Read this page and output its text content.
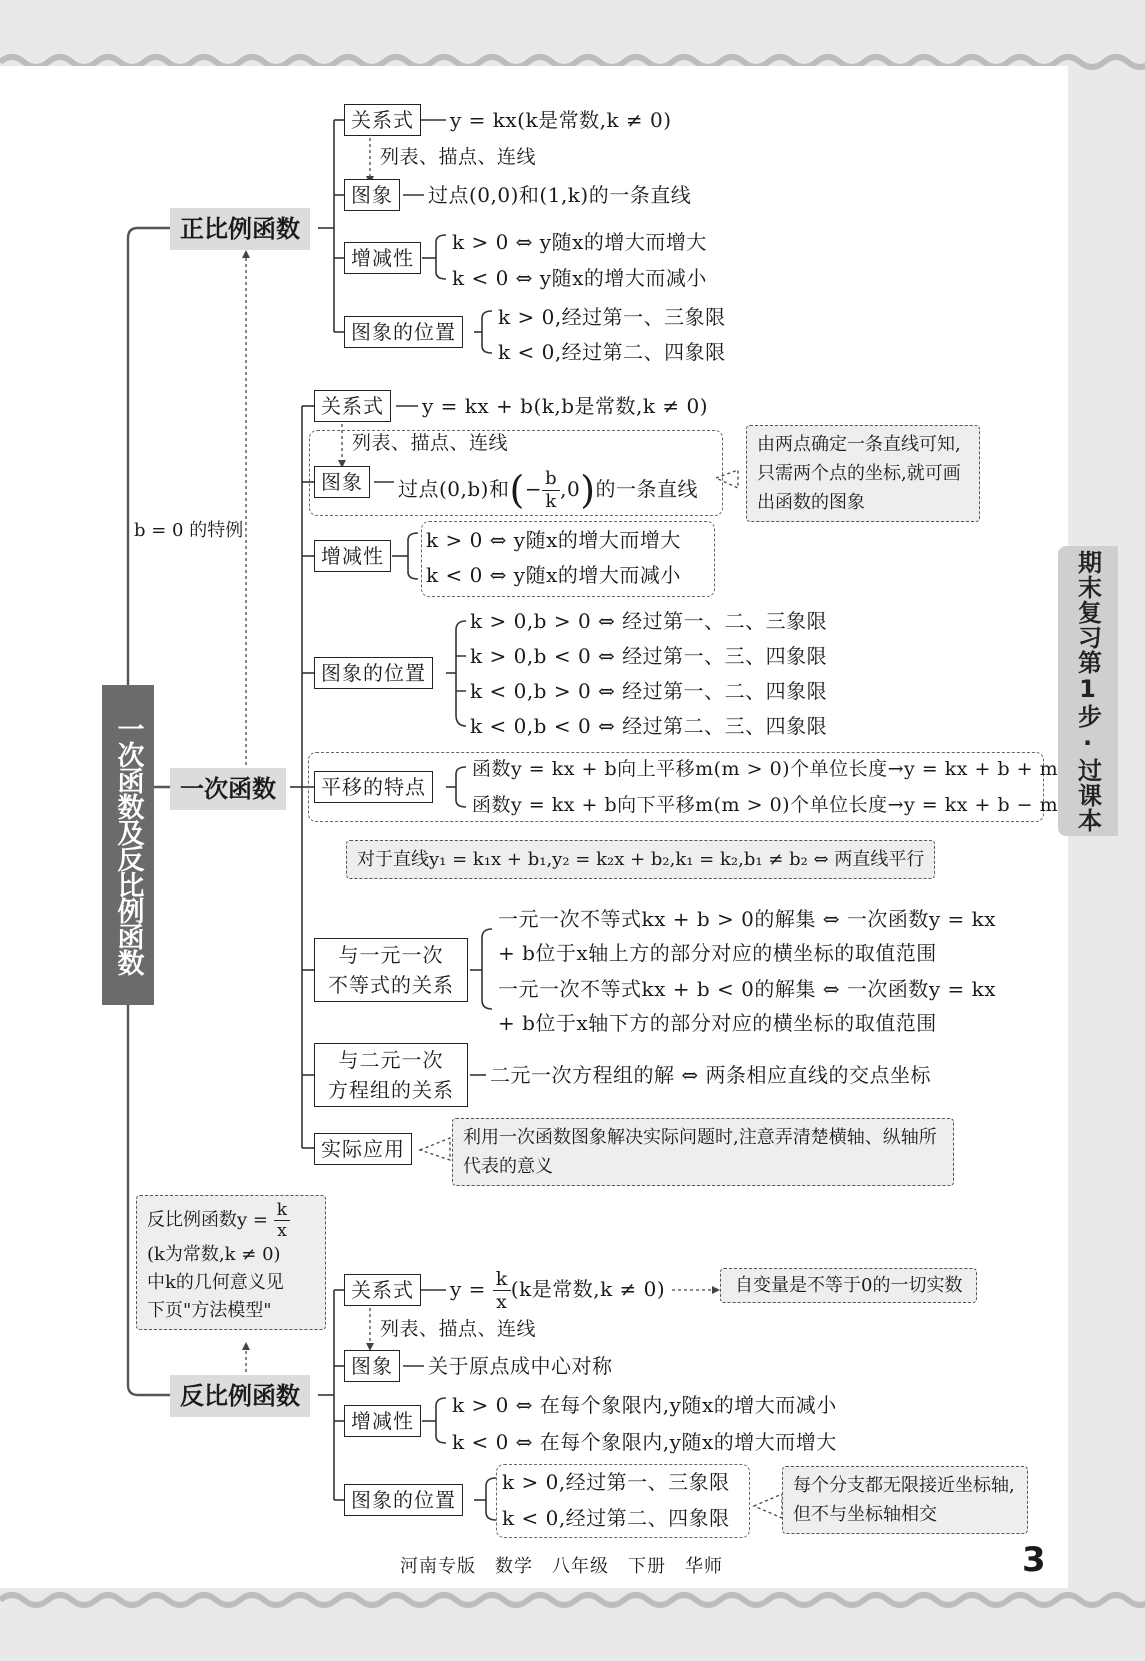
一次函数及反比例函数
期末复习第1步·过课本
b = 0 的特例
正比例函数
关系式	y = kx(k是常数,k ≠ 0)
列表、描点、连线
图象	过点(0,0)和(1,k)的一条直线
增减性
k > 0 ⇔ y随x的增大而增大
k < 0 ⇔ y随x的增大而减小
图象的位置
k > 0,经过第一、三象限
k < 0,经过第二、四象限
一次函数
关系式	y = kx + b(k,b是常数,k ≠ 0)
列表、描点、连线
图象	过点(0,b)和(− $\frac{b}{k} ,0$)的一条直线
由两点确定一条直线可知,只需两个点的坐标,就可画出函数的图象
增减性
k > 0 ⇔ y随x的增大而增大
k < 0 ⇔ y随x的增大而减小
图象的位置
k > 0,b > 0 ⇔ 经过第一、二、三象限
k > 0,b < 0 ⇔ 经过第一、三、四象限
k < 0,b > 0 ⇔ 经过第一、二、四象限
k < 0,b < 0 ⇔ 经过第二、三、四象限
平移的特点
函数y = kx + b向上平移m(m > 0)个单位长度→y = kx + b + m
函数y = kx + b向下平移m(m > 0)个单位长度→y = kx + b − m
对于直线y₁ = k₁x + b₁,y₂ = k₂x + b₂,k₁ = k₂,b₁ ≠ b₂ ⇔ 两直线平行
与一元一次
不等式的关系
一元一次不等式kx + b > 0的解集 ⇔ 一次函数y = kx
+ b位于x轴上方的部分对应的横坐标的取值范围
一元一次不等式kx + b < 0的解集 ⇔ 一次函数y = kx
+ b位于x轴下方的部分对应的横坐标的取值范围
与二元一次
方程组的关系
二元一次方程组的解 ⇔ 两条相应直线的交点坐标
实际应用	利用一次函数图象解决实际问题时,注意弄清楚横轴、纵轴所代表的意义
反比例函数$y = \frac{k}{x}$
(k为常数,k ≠ 0)
中k的几何意义见
下页"方法模型"
反比例函数
关系式	$y = \frac{k}{x} (k$是常数,k ≠ 0)	自变量是不等于0的一切实数
列表、描点、连线
图象	关于原点成中心对称
增减性
k > 0 ⇔ 在每个象限内,y随x的增大而减小
k < 0 ⇔ 在每个象限内,y随x的增大而增大
图象的位置
k > 0,经过第一、三象限
k < 0,经过第二、四象限
每个分支都无限接近坐标轴,但不与坐标轴相交
河南专版　数学　八年级　下册　华师	3
